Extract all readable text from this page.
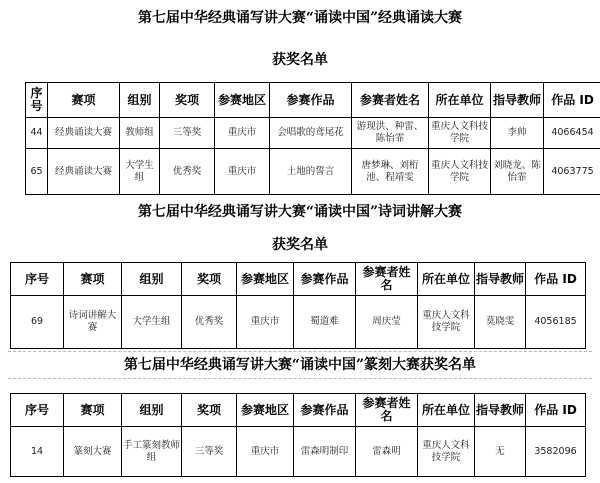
第七届中华经典诵写讲大赛“诵读中国”经典诵读大赛
获奖名单
序号	赛项	组别	奖项	参赛地区	参赛作品	参赛者姓名	所在单位	指导教师	作品 ID
44	经典诵读大赛	教师组	三等奖	重庆市	会唱歌的鸢尾花	游现洪、种雷、陈怡霏	重庆人文科技学院	李帅	4066454
65	经典诵读大赛	大学生组	优秀奖	重庆市	土地的誓言	唐梦琳、刘桁池、程靖雯	重庆人文科技学院	刘晓龙、陈怡霏	4063775
第七届中华经典诵写讲大赛“诵读中国”诗词讲解大赛
获奖名单
序号	赛项	组别	奖项	参赛地区	参赛作品	参赛者姓名	所在单位	指导教师	作品 ID
69	诗词讲解大赛	大学生组	优秀奖	重庆市	蜀道难	周庆莹	重庆人文科技学院	莫晓雯	4056185
第七届中华经典诵写讲大赛“诵读中国”篆刻大赛获奖名单
序号	赛项	组别	奖项	参赛地区	参赛作品	参赛者姓名	所在单位	指导教师	作品 ID
14	篆刻大赛	手工篆刻教师组	三等奖	重庆市	雷森明制印	雷森明	重庆人文科技学院	无	3582096
